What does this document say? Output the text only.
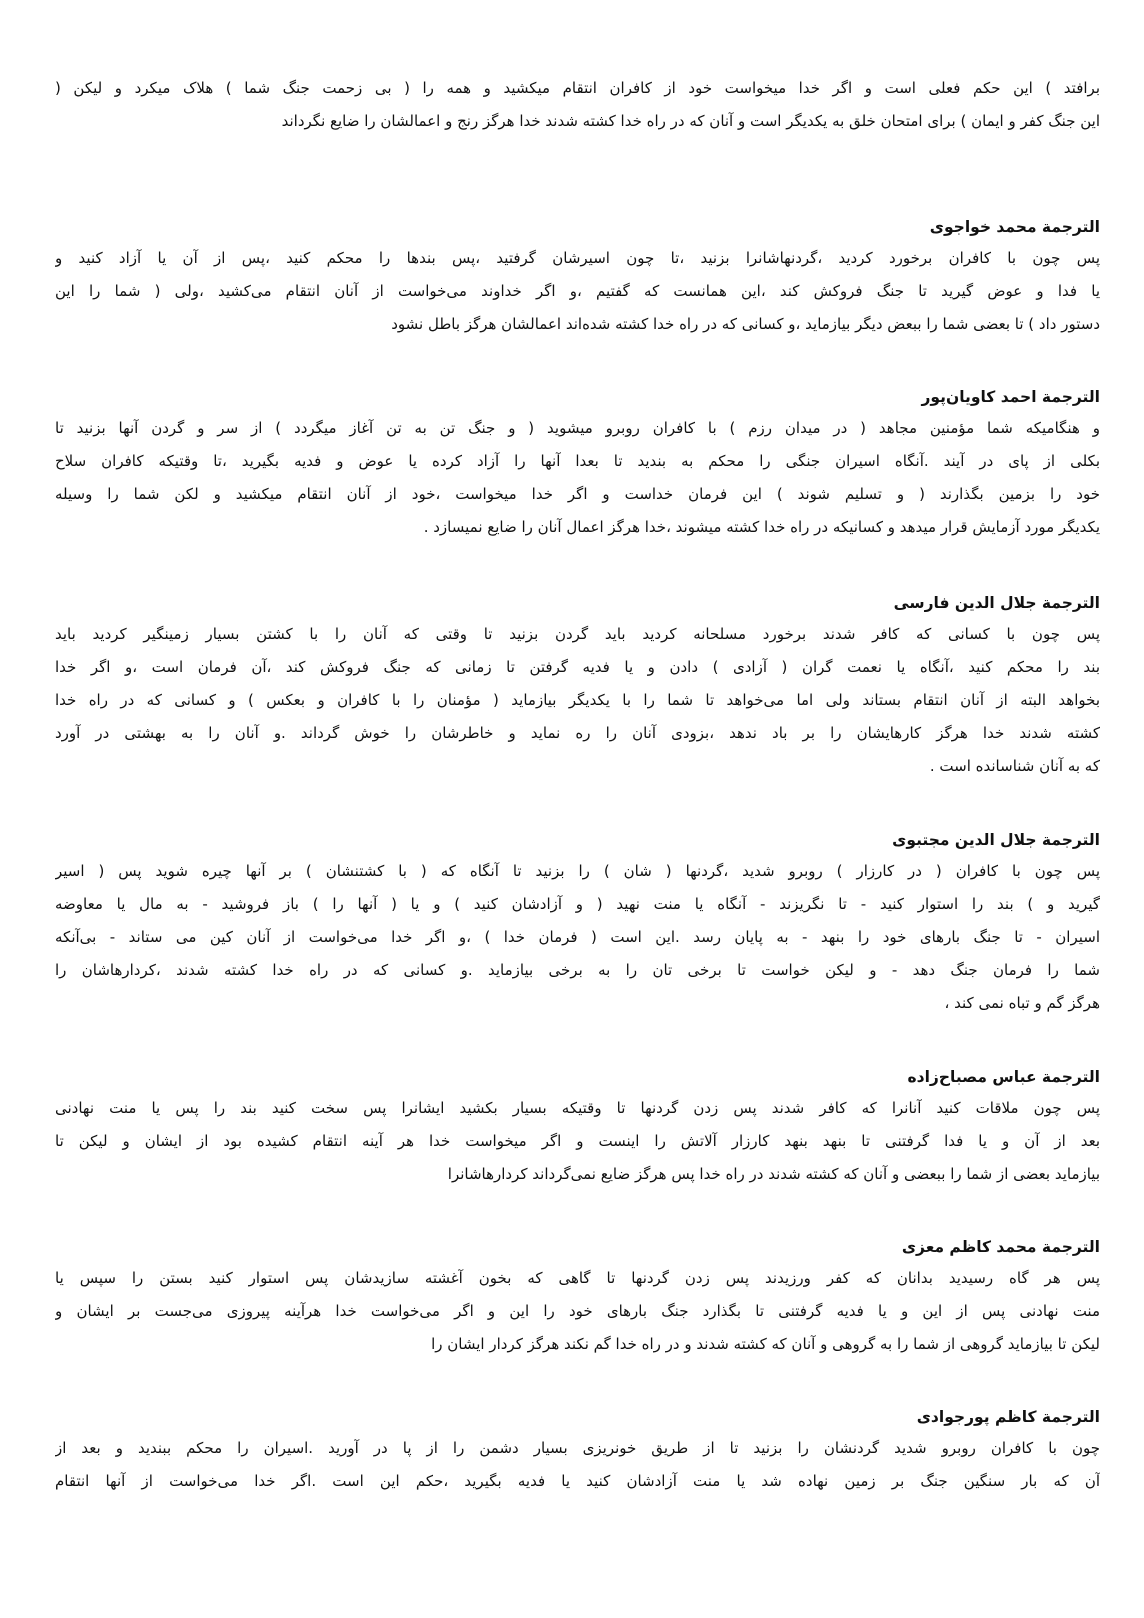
برافتد ) این حکم فعلی است و اگر خدا میخواست خود از کافران انتقام میکشید و همه را ( بی زحمت جنگ شما ) هلاک میکرد و لیکن (
این جنگ کفر و ایمان ) برای امتحان خلق به یکدیگر است و آنان که در راه خدا کشته شدند خدا هرگز رنج و اعمالشان را ضایع نگرداند
الترجمة محمد خواجوی
پس چون با کافران برخورد کردید ،گردنهاشانرا بزنید ،تا چون اسیرشان گرفتید ،پس بندها را محکم کنید ،پس از آن یا آزاد کنید و
یا فدا و عوض گیرید تا جنگ فروکش کند ،این همانست که گفتیم ،و اگر خداوند می‌خواست از آنان انتقام می‌کشید ،ولی ( شما را این
دستور داد ) تا بعضی شما را ببعض دیگر بیازماید ،و کسانی که در راه خدا کشته شده‌اند اعمالشان هرگز باطل نشود
الترجمة احمد کاویان‌پور
و هنگامیکه شما مؤمنین مجاهد ( در میدان رزم ) با کافران روبرو میشوید ( و جنگ تن به تن آغاز میگردد ) از سر و گردن آنها بزنید تا
بکلی از پای در آیند .آنگاه اسیران جنگی را محکم به بندید تا بعدا آنها را آزاد کرده یا عوض و فدیه بگیرید ،تا وقتیکه کافران سلاح
خود را بزمین بگذارند ( و تسلیم شوند ) این فرمان خداست و اگر خدا میخواست ،خود از آنان انتقام میکشید و لکن شما را وسیله
یکدیگر مورد آزمایش قرار میدهد و کسانیکه در راه خدا کشته میشوند ،خدا هرگز اعمال آنان را ضایع نمیسازد .
الترجمة جلال الدين فارسی
پس چون با کسانی که کافر شدند برخورد مسلحانه کردید باید گردن بزنید تا وقتی که آنان را با کشتن بسیار زمینگیر کردید باید
بند را محکم کنید ،آنگاه یا نعمت گران ( آزادی ) دادن و یا فدیه گرفتن تا زمانی که جنگ فروکش کند ،آن فرمان است ،و اگر خدا
بخواهد البته از آنان انتقام بستاند ولی اما می‌خواهد تا شما را با یکدیگر بیازماید ( مؤمنان را با کافران و بعکس ) و کسانی که در راه خدا
کشته شدند خدا هرگز کارهایشان را بر باد ندهد ،بزودی آنان را ره نماید و خاطرشان را خوش گرداند .و آنان را به بهشتی در آورد
که به آنان شناسانده است .
الترجمة جلال الدين مجتبوی
پس چون با کافران ( در کارزار ) روبرو شدید ،گردنها ( شان ) را بزنید تا آنگاه که ( با کشتنشان ) بر آنها چیره شوید پس ( اسیر
گیرید و ) بند را استوار کنید - تا نگریزند - آنگاه یا منت نهید ( و آزادشان کنید ) و یا ( آنها را ) باز فروشید - به مال یا معاوضه
اسیران - تا جنگ بارهای خود را بنهد - به پایان رسد .این است ( فرمان خدا ) ،و اگر خدا می‌خواست از آنان کین می ستاند - بی‌آنکه
شما را فرمان جنگ دهد - و لیکن خواست تا برخی تان را به برخی بیازماید .و کسانی که در راه خدا کشته شدند ،کردارهاشان را
هرگز گم و تباه نمی کند ،
الترجمة عباس مصباح‌زاده
پس چون ملاقات کنید آنانرا که کافر شدند پس زدن گردنها تا وقتیکه بسیار بکشید ایشانرا پس سخت کنید بند را پس یا منت نهادنی
بعد از آن و یا فدا گرفتنی تا بنهد بنهد کارزار آلاتش را اینست و اگر میخواست خدا هر آینه انتقام کشیده بود از ایشان و لیکن تا
بیازماید بعضی از شما را ببعضی و آنان که کشته شدند در راه خدا پس هرگز ضایع نمی‌گرداند کردارهاشانرا
الترجمة محمد کاظم معزی
پس هر گاه رسیدید بدانان که کفر ورزیدند پس زدن گردنها تا گاهی که بخون آغشته سازیدشان پس استوار کنید بستن را سپس یا
منت نهادنی پس از این و یا فدیه گرفتنی تا بگذارد جنگ بارهای خود را این و اگر می‌خواست خدا هرآینه پیروزی می‌جست بر ایشان و
لیکن تا بیازماید گروهی از شما را به گروهی و آنان که کشته شدند و در راه خدا گم نکند هرگز کردار ایشان را
الترجمة کاظم پورجوادی
چون با کافران روبرو شدید گردنشان را بزنید تا از طریق خونریزی بسیار دشمن را از پا در آورید .اسیران را محکم ببندید و بعد از
آن که بار سنگین جنگ بر زمین نهاده شد یا منت آزادشان کنید یا فدیه بگیرید ،حکم این است .اگر خدا می‌خواست از آنها انتقام
